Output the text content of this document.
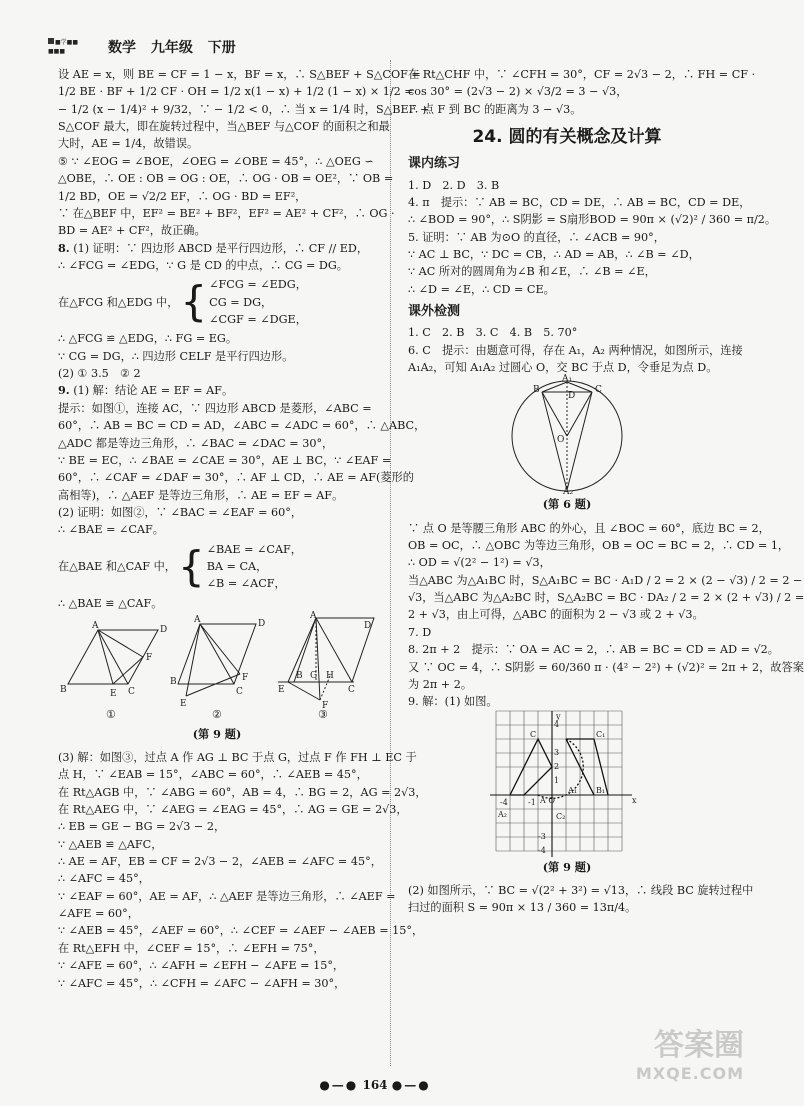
■学■■
■■■	数学 九年级 下册
设 AE = x，则 BE = CF = 1 − x，BF = x，∴ S△BEF + S△COF =
1/2 BE · BF + 1/2 CF · OH = 1/2 x(1 − x) + 1/2 (1 − x) × 1/2 =
− 1/2 (x − 1/4)² + 9/32，∵ − 1/2 < 0，∴ 当 x = 1/4 时，S△BEF +
S△COF 最大，即在旋转过程中，当△BEF 与△COF 的面积之和最
大时，AE = 1/4，故错误。
⑤ ∵ ∠EOG = ∠BOE，∠OEG = ∠OBE = 45°，∴ △OEG ∽
△OBE，∴ OE : OB = OG : OE，∴ OG · OB = OE²，∵ OB =
1/2 BD，OE = √2/2 EF，∴ OG · BD = EF²，
∵ 在△BEF 中，EF² = BE² + BF²，EF² = AE² + CF²，∴ OG ·
BD = AE² + CF²，故正确。
8. (1) 证明：∵ 四边形 ABCD 是平行四边形，∴ CF // ED，
∴ ∠FCG = ∠EDG，∵ G 是 CD 的中点，∴ CG = DG。
在△FCG 和△EDG 中， { ∠FCG = ∠EDG，
CG = DG，
∠CGF = ∠DGE，
∴ △FCG ≌ △EDG，∴ FG = EG。
∵ CG = DG，∴ 四边形 CELF 是平行四边形。
(2) ① 3.5　② 2
9. (1) 解：结论 AE = EF = AF。
提示：如图①，连接 AC，∵ 四边形 ABCD 是菱形，∠ABC =
60°，∴ AB = BC = CD = AD，∠ABC = ∠ADC = 60°，∴ △ABC，
△ADC 都是等边三角形，∴ ∠BAC = ∠DAC = 30°，
∵ BE = EC，∴ ∠BAE = ∠CAE = 30°，AE ⊥ BC，∵ ∠EAF =
60°，∴ ∠CAF = ∠DAF = 30°，∴ AF ⊥ CD，∴ AE = AF(菱形的
高相等)，∴ △AEF 是等边三角形，∴ AE = EF = AF。
(2) 证明：如图②，∵ ∠BAC = ∠EAF = 60°，
∴ ∠BAE = ∠CAF。
在△BAE 和△CAF 中， { ∠BAE = ∠CAF，
BA = CA，
∠B = ∠ACF，
∴ △BAE ≌ △CAF。
B
A	D
C
E
F
B
A	D
C
E
F
A
D
E
B G H
C
F
①	②	③
(第 9 题)
(3) 解：如图③，过点 A 作 AG ⊥ BC 于点 G，过点 F 作 FH ⊥ EC 于
点 H，∵ ∠EAB = 15°，∠ABC = 60°，∴ ∠AEB = 45°，
在 Rt△AGB 中，∵ ∠ABG = 60°，AB = 4，∴ BG = 2，AG = 2√3，
在 Rt△AEG 中，∵ ∠AEG = ∠EAG = 45°，∴ AG = GE = 2√3，
∴ EB = GE − BG = 2√3 − 2，
∵ △AEB ≌ △AFC，
∴ AE = AF，EB = CF = 2√3 − 2，∠AEB = ∠AFC = 45°，
∴ ∠AFC = 45°，
∵ ∠EAF = 60°，AE = AF，∴ △AEF 是等边三角形，∴ ∠AEF =
∠AFE = 60°，
∵ ∠AEB = 45°，∠AEF = 60°，∴ ∠CEF = ∠AEF − ∠AEB = 15°，
在 Rt△EFH 中，∠CEF = 15°，∴ ∠EFH = 75°，
∵ ∠AFE = 60°，∴ ∠AFH = ∠EFH − ∠AFE = 15°，
∵ ∠AFC = 45°，∴ ∠CFH = ∠AFC − ∠AFH = 30°，
在 Rt△CHF 中，∵ ∠CFH = 30°，CF = 2√3 − 2，∴ FH = CF ·
cos 30° = (2√3 − 2) × √3/2 = 3 − √3，
∴ 点 F 到 BC 的距离为 3 − √3。
24. 圆的有关概念及计算
课内练习
1. D　2. D　3. B
4. π　提示：∵ AB = BC，CD = DE，∴ AB = BC，CD = DE，
∴ ∠BOD = 90°，∴ S阴影 = S扇形BOD = 90π × (√2)² / 360 = π/2。
5. 证明：∵ AB 为⊙O 的直径，∴ ∠ACB = 90°，
∵ AC ⊥ BC，∵ DC = CB，∴ AD = AB，∴ ∠B = ∠D，
∵ AC 所对的圆周角为∠B 和∠E，∴ ∠B = ∠E，
∴ ∠D = ∠E，∴ CD = CE。
课外检测
1. C　2. B　3. C　4. B　5. 70°
6. C　提示：由题意可得，存在 A₁，A₂ 两种情况，如图所示，连接
A₁A₂，可知 A₁A₂ 过圆心 O，交 BC 于点 D，令垂足为点 D。
A₁
B	C
D
O
A₂
(第 6 题)
∵ 点 O 是等腰三角形 ABC 的外心，且 ∠BOC = 60°，底边 BC = 2，
OB = OC，∴ △OBC 为等边三角形，OB = OC = BC = 2，∴ CD = 1，
∴ OD = √(2² − 1²) = √3，
当△ABC 为△A₁BC 时，S△A₁BC = BC · A₁D / 2 = 2 × (2 − √3) / 2 = 2 −
√3，当△ABC 为△A₂BC 时，S△A₂BC = BC · DA₂ / 2 = 2 × (2 + √3) / 2 =
2 + √3，由上可得，△ABC 的面积为 2 − √3 或 2 + √3。
7. D
8. 2π + 2　提示：∵ OA = AC = 2，∴ AB = BC = CD = AD = √2。
又 ∵ OC = 4，∴ S阴影 = 60/360 π · (4² − 2²) + (√2)² = 2π + 2，故答案
为 2π + 2。
9. 解：(1) 如图。
x
y
C	C₁
-4	-1 A O
A₁ B₁
C₂
A₂
4
3
2
1
-3
-4
(第 9 题)
(2) 如图所示，∵ BC = √(2² + 3²) = √13，∴ 线段 BC 旋转过程中
扫过的面积 S = 90π × 13 / 360 = 13π/4。
●—● 164 ●—●
答案圈
MXQE.COM
